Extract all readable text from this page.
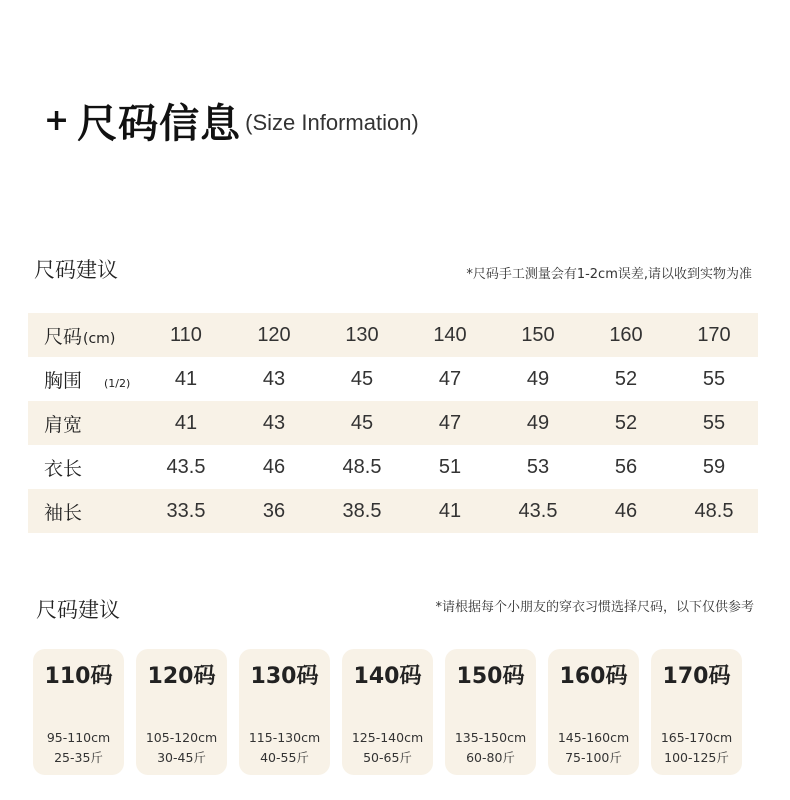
+ 尺码信息 (Size Information)
尺码建议	*尺码手工测量会有1-2cm误差,请以收到实物为准
尺码 (cm)	110	120	130	140	150	160	170
胸围 (1/2)	41	43	45	47	49	52	55
肩宽	41	43	45	47	49	52	55
衣长	43.5	46	48.5	51	53	56	59
袖长	33.5	36	38.5	41	43.5	46	48.5
尺码建议	*请根据每个小朋友的穿衣习惯选择尺码，以下仅供参考
110码
95-110cm
25-35斤
120码
105-120cm
30-45斤
130码
115-130cm
40-55斤
140码
125-140cm
50-65斤
150码
135-150cm
60-80斤
160码
145-160cm
75-100斤
170码
165-170cm
100-125斤
